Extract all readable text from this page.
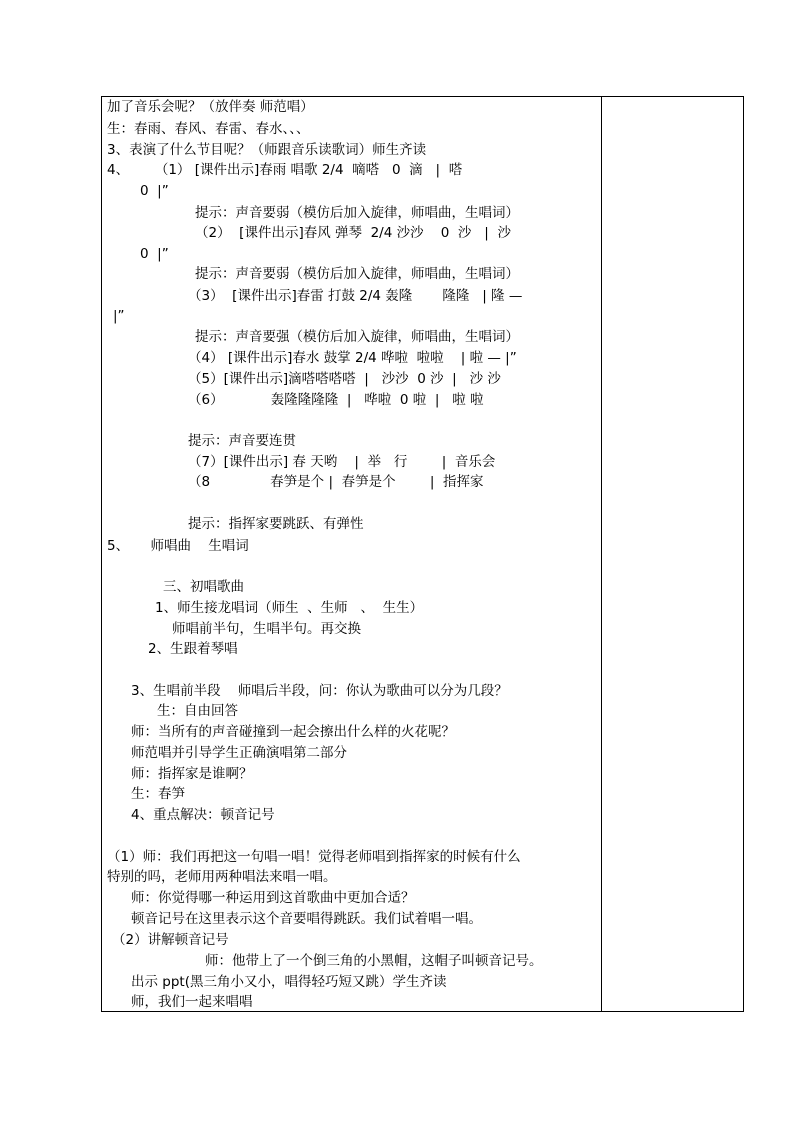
加了音乐会呢？（放伴奏 师范唱）
生：春雨、春风、春雷、春水、、、
3、表演了什么节目呢？（师跟音乐读歌词）师生齐读
4、      （1） [课件出示]春雨 唱歌 2/4  嘀嗒   0  滴   |  嗒
0  |”
提示：声音要弱（模仿后加入旋律，师唱曲，生唱词）
（2）  [课件出示]春风 弹琴  2/4 沙沙    0  沙   |  沙
0  |”
提示：声音要弱（模仿后加入旋律，师唱曲，生唱词）
（3）  [课件出示]春雷 打鼓 2/4 轰隆       隆隆   | 隆 —
|”
提示：声音要强（模仿后加入旋律，师唱曲，生唱词）
（4） [课件出示]春水 鼓掌 2/4 哗啦  啦啦    | 啦 — |”
（5）[课件出示]滴嗒嗒嗒嗒  |   沙沙  0 沙  |   沙 沙
（6）           轰隆隆隆隆  |   哗啦  0 啦  |   啦 啦
提示：声音要连贯
（7）[课件出示] 春 天哟    |  举   行        |  音乐会
（8              春笋是个 |  春笋是个        |  指挥家
提示：指挥家要跳跃、有弹性
5、     师唱曲    生唱词
三、初唱歌曲
1、师生接龙唱词（师生  、生师   、  生生）
师唱前半句，生唱半句。再交换
2、生跟着琴唱
3、生唱前半段    师唱后半段，问：你认为歌曲可以分为几段？
生：自由回答
师：当所有的声音碰撞到一起会擦出什么样的火花呢？
师范唱并引导学生正确演唱第二部分
师：指挥家是谁啊？
生：春笋
4、重点解决：顿音记号
（1）师：我们再把这一句唱一唱！觉得老师唱到指挥家的时候有什么
特别的吗，老师用两种唱法来唱一唱。
师：你觉得哪一种运用到这首歌曲中更加合适？
顿音记号在这里表示这个音要唱得跳跃。我们试着唱一唱。
（2）讲解顿音记号
师：他带上了一个倒三角的小黑帽，这帽子叫顿音记号。
出示 ppt(黑三角小又小，唱得轻巧短又跳）学生齐读
师，我们一起来唱唱
